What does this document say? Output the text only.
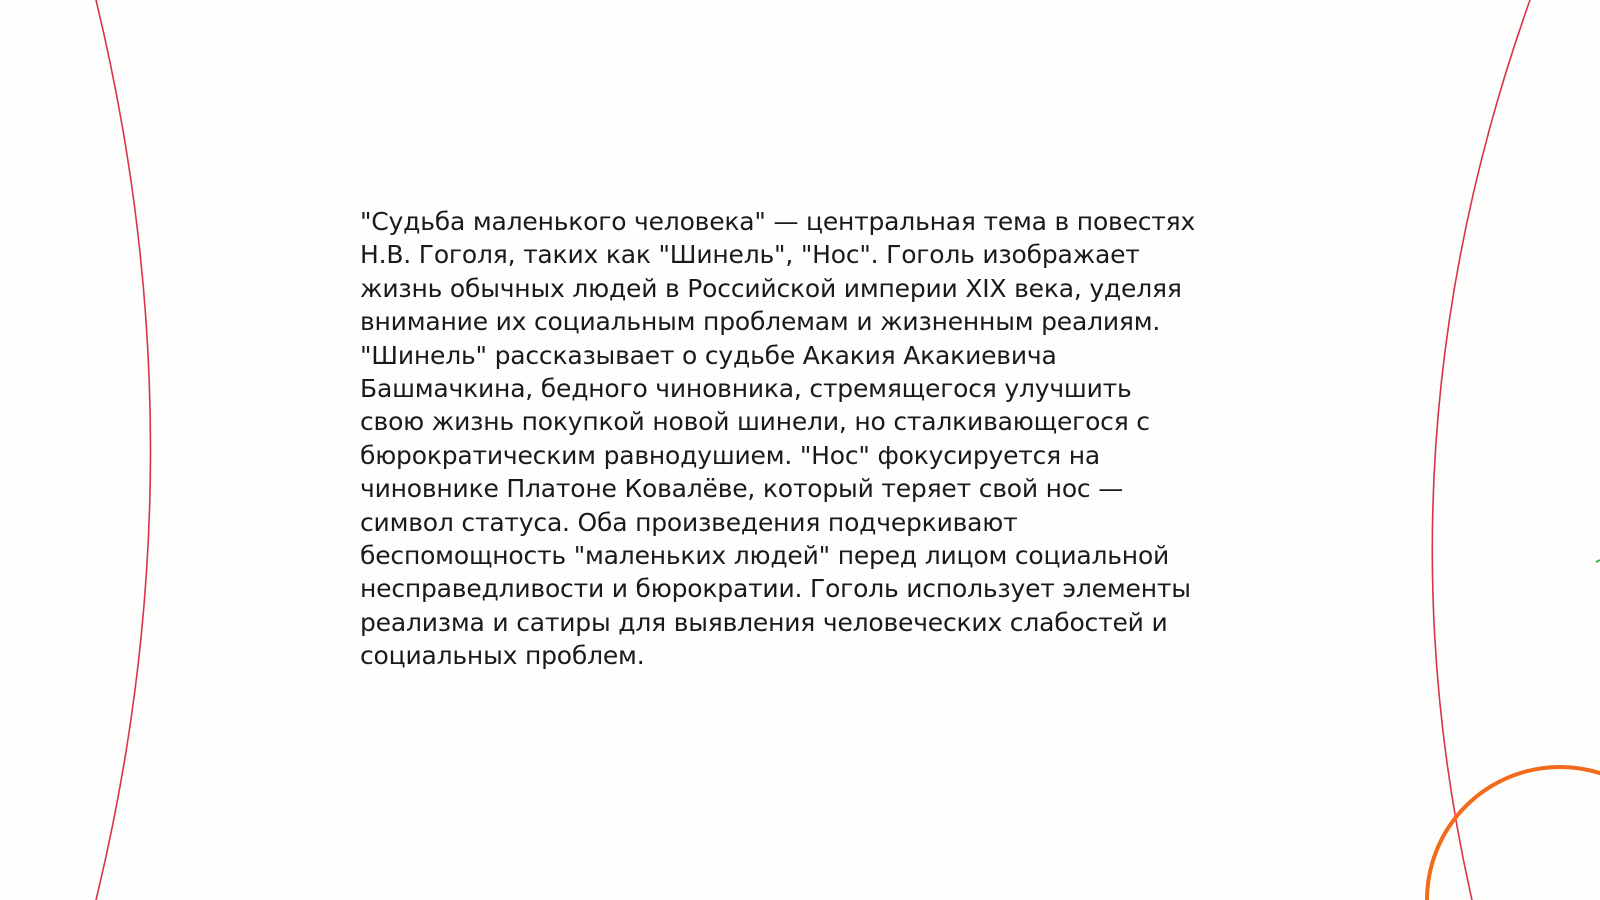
"Судьба маленького человека" — центральная тема в повестях
Н.В. Гоголя, таких как "Шинель", "Нос". Гоголь изображает
жизнь обычных людей в Российской империи XIX века, уделяя
внимание их социальным проблемам и жизненным реалиям.
"Шинель" рассказывает о судьбе Акакия Акакиевича
Башмачкина, бедного чиновника, стремящегося улучшить
свою жизнь покупкой новой шинели, но сталкивающегося с
бюрократическим равнодушием. "Нос" фокусируется на
чиновнике Платоне Ковалёве, который теряет свой нос —
символ статуса. Оба произведения подчеркивают
беспомощность "маленьких людей" перед лицом социальной
несправедливости и бюрократии. Гоголь использует элементы
реализма и сатиры для выявления человеческих слабостей и
социальных проблем.
